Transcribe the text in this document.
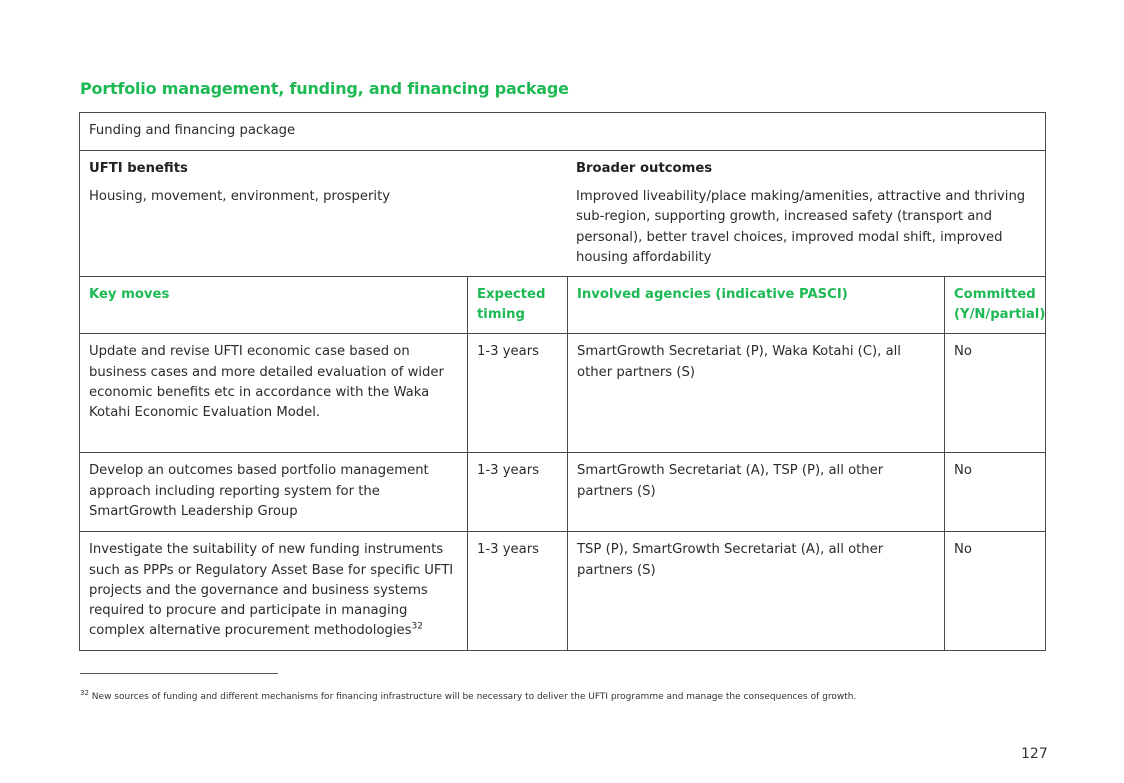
Portfolio management, funding, and financing package
Funding and financing package			

UFTI benefits
Housing, movement, environment, prosperity
Broader outcomes
Improved liveability/place making/amenities, attractive and thriving sub-region, supporting growth, increased safety (transport and personal), better travel choices, improved modal shift, improved housing affordability			

Key moves	Expected timing	Involved agencies (indicative PASCI)	Committed (Y/N/partial)
Update and revise UFTI economic case based on business cases and more detailed evaluation of wider economic benefits etc in accordance with the Waka Kotahi Economic Evaluation Model.	1-3 years	SmartGrowth Secretariat (P), Waka Kotahi (C), all other partners (S)	No
Develop an outcomes based portfolio management approach including reporting system for the SmartGrowth Leadership Group	1-3 years	SmartGrowth Secretariat (A), TSP (P), all other partners (S)	No
Investigate the suitability of new funding instruments such as PPPs or Regulatory Asset Base for specific UFTI projects and the governance and business systems required to procure and participate in managing complex alternative procurement methodologies$^{32}$	1-3 years	TSP (P), SmartGrowth Secretariat (A), all other partners (S)	No
$^{32}$ New sources of funding and different mechanisms for financing infrastructure will be necessary to deliver the UFTI programme and manage the consequences of growth.
127
